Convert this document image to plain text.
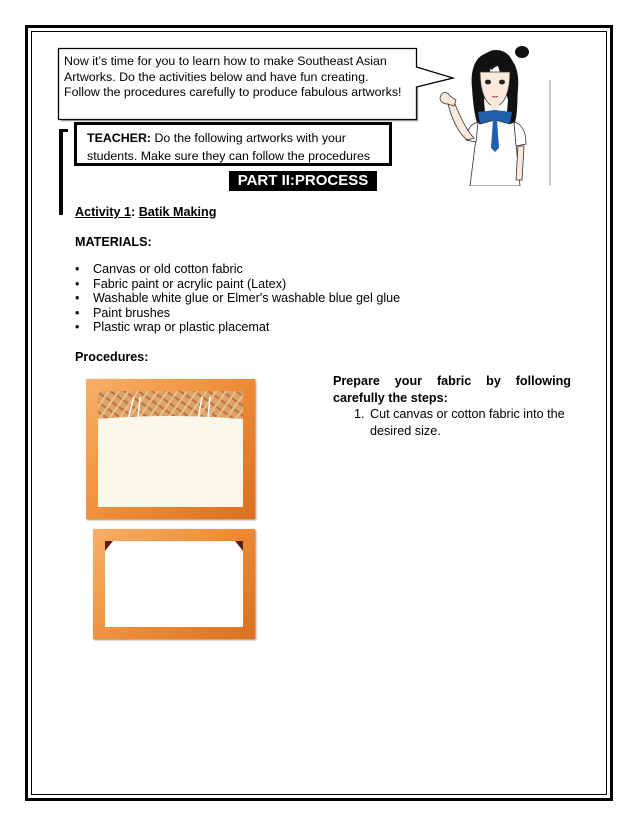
Now it’s time for you to learn how to make Southeast Asian Artworks. Do the activities below and have fun creating. Follow the procedures carefully to produce fabulous artworks!
TEACHER: Do the following artworks with your students. Make sure they can follow the procedures
PART II:PROCESS
Activity 1: Batik Making
MATERIALS:
• Canvas or old cotton fabric
• Fabric paint or acrylic paint (Latex)
• Washable white glue or Elmer's washable blue gel glue
• Paint brushes
• Plastic wrap or plastic placemat
Procedures:
Prepare your fabric by following
carefully the steps:
1. Cut canvas or cotton fabric into the desired size.
